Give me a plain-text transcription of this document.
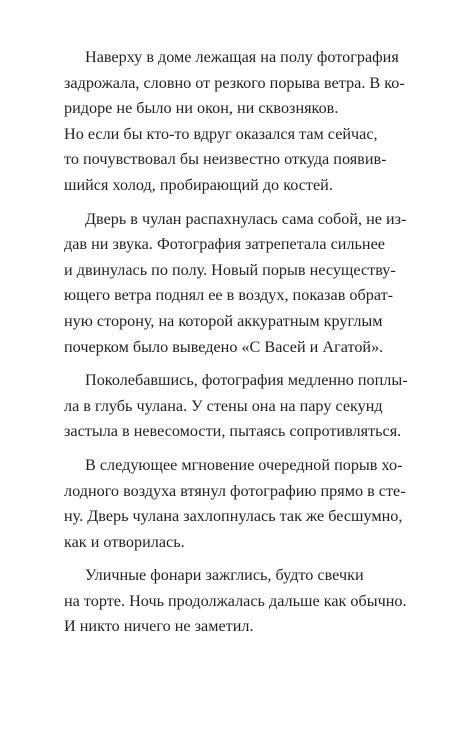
Наверху в доме лежащая на полу фотография
задрожала, словно от резкого порыва ветра. В ко-
ридоре не было ни окон, ни сквозняков.
Но если бы кто-то вдруг оказался там сейчас,
то почувствовал бы неизвестно откуда появив-
шийся холод, пробирающий до костей.

Дверь в чулан распахнулась сама собой, не из-
дав ни звука. Фотография затрепетала сильнее
и двинулась по полу. Новый порыв несуществу-
ющего ветра поднял ее в воздух, показав обрат-
ную сторону, на которой аккуратным круглым
почерком было выведено «С Васей и Агатой».

Поколебавшись, фотография медленно поплы-
ла в глубь чулана. У стены она на пару секунд
застыла в невесомости, пытаясь сопротивляться.

В следующее мгновение очередной порыв хо-
лодного воздуха втянул фотографию прямо в сте-
ну. Дверь чулана захлопнулась так же бесшумно,
как и отворилась.

Уличные фонари зажглись, будто свечки
на торте. Ночь продолжалась дальше как обычно.
И никто ничего не заметил.
